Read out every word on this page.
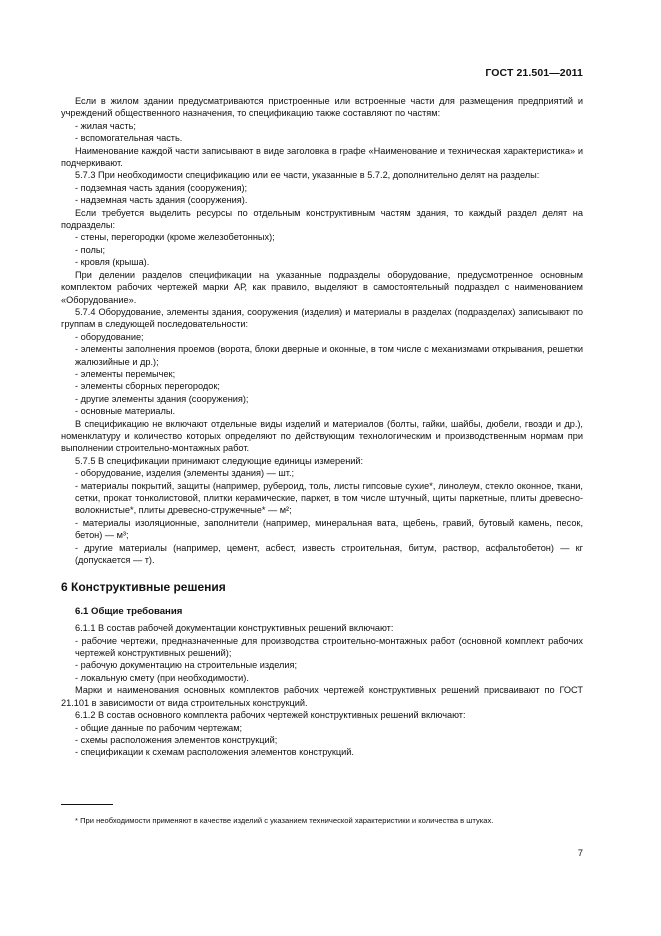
ГОСТ 21.501—2011

Если в жилом здании предусматриваются пристроенные или встроенные части для размещения предприятий и учреждений общественного назначения, то спецификацию также составляют по частям:

- жилая часть;

- вспомогательная часть.

Наименование каждой части записывают в виде заголовка в графе «Наименование и техническая характеристика» и подчеркивают.

5.7.3 При необходимости спецификацию или ее части, указанные в 5.7.2, дополнительно делят на разделы:

- подземная часть здания (сооружения);

- надземная часть здания (сооружения).

Если требуется выделить ресурсы по отдельным конструктивным частям здания, то каждый раздел делят на подразделы:

- стены, перегородки (кроме железобетонных);

- полы;

- кровля (крыша).

При делении разделов спецификации на указанные подразделы оборудование, предусмотренное основным комплектом рабочих чертежей марки АР, как правило, выделяют в самостоятельный подраздел с наименованием «Оборудование».

5.7.4 Оборудование, элементы здания, сооружения (изделия) и материалы в разделах (подразделах) записывают по группам в следующей последовательности:

- оборудование;

- элементы заполнения проемов (ворота, блоки дверные и оконные, в том числе с механизмами открывания, решетки жалюзийные и др.);

- элементы перемычек;

- элементы сборных перегородок;

- другие элементы здания (сооружения);

- основные материалы.

В спецификацию не включают отдельные виды изделий и материалов (болты, гайки, шайбы, дюбели, гвозди и др.), номенклатуру и количество которых определяют по действующим технологическим и производственным нормам при выполнении строительно-монтажных работ.

5.7.5 В спецификации принимают следующие единицы измерений:

- оборудование, изделия (элементы здания) — шт.;

- материалы покрытий, защиты (например, рубероид, толь, листы гипсовые сухие*, линолеум, стекло оконное, ткани, сетки, прокат тонколистовой, плитки керамические, паркет, в том числе штучный, щиты паркетные, плиты древесно-волокнистые*, плиты древесно-стружечные* — м²;

- материалы изоляционные, заполнители (например, минеральная вата, щебень, гравий, бутовый камень, песок, бетон) — м³;

- другие материалы (например, цемент, асбест, известь строительная, битум, раствор, асфальтобетон) — кг (допускается — т).

6 Конструктивные решения

6.1 Общие требования

6.1.1 В состав рабочей документации конструктивных решений включают:

- рабочие чертежи, предназначенные для производства строительно-монтажных работ (основной комплект рабочих чертежей конструктивных решений);

- рабочую документацию на строительные изделия;

- локальную смету (при необходимости).

Марки и наименования основных комплектов рабочих чертежей конструктивных решений присваивают по ГОСТ 21.101 в зависимости от вида строительных конструкций.

6.1.2 В состав основного комплекта рабочих чертежей конструктивных решений включают:

- общие данные по рабочим чертежам;

- схемы расположения элементов конструкций;

- спецификации к схемам расположения элементов конструкций.

* При необходимости применяют в качестве изделий с указанием технической характеристики и количества в штуках.

7
